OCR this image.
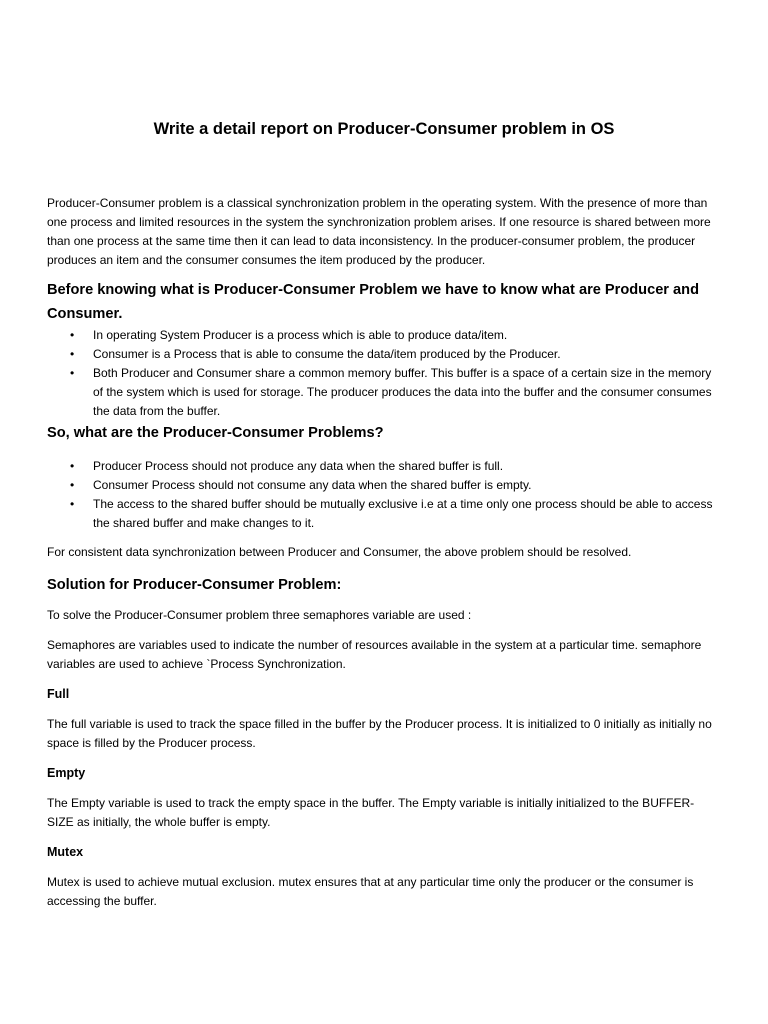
Write a detail report on Producer-Consumer problem in OS

Producer-Consumer problem is a classical synchronization problem in the operating system. With the presence of more than one process and limited resources in the system the synchronization problem arises. If one resource is shared between more than one process at the same time then it can lead to data inconsistency. In the producer-consumer problem, the producer produces an item and the consumer consumes the item produced by the producer.

Before knowing what is Producer-Consumer Problem we have to know what are Producer and Consumer.

• In operating System Producer is a process which is able to produce data/item.
• Consumer is a Process that is able to consume the data/item produced by the Producer.
• Both Producer and Consumer share a common memory buffer. This buffer is a space of a certain size in the memory of the system which is used for storage. The producer produces the data into the buffer and the consumer consumes the data from the buffer.

So, what are the Producer-Consumer Problems?

• Producer Process should not produce any data when the shared buffer is full.
• Consumer Process should not consume any data when the shared buffer is empty.
• The access to the shared buffer should be mutually exclusive i.e at a time only one process should be able to access the shared buffer and make changes to it.

For consistent data synchronization between Producer and Consumer, the above problem should be resolved.

Solution for Producer-Consumer Problem:

To solve the Producer-Consumer problem three semaphores variable are used :

Semaphores are variables used to indicate the number of resources available in the system at a particular time. semaphore variables are used to achieve `Process Synchronization.

Full

The full variable is used to track the space filled in the buffer by the Producer process. It is initialized to 0 initially as initially no space is filled by the Producer process.

Empty

The Empty variable is used to track the empty space in the buffer. The Empty variable is initially initialized to the BUFFER-SIZE as initially, the whole buffer is empty.

Mutex

Mutex is used to achieve mutual exclusion. mutex ensures that at any particular time only the producer or the consumer is accessing the buffer.
